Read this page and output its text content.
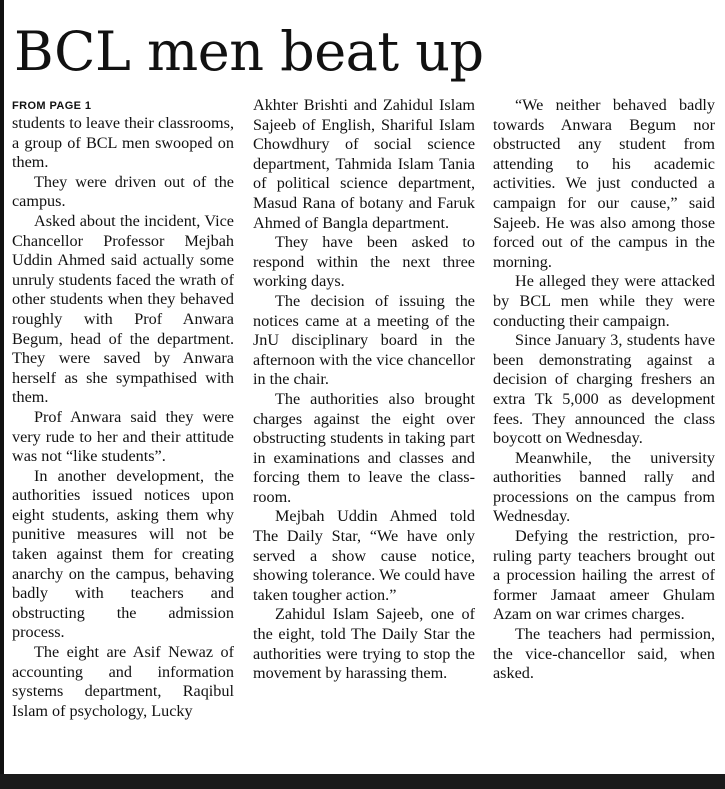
BCL men beat up
FROM PAGE 1

students to leave their classrooms, a group of BCL men swooped on them.

They were driven out of the campus.

Asked about the incident, Vice Chancellor Professor Mejbah Uddin Ahmed said actually some unruly students faced the wrath of other students when they behaved roughly with Prof Anwara Begum, head of the department. They were saved by Anwara herself as she sympathised with them.

Prof Anwara said they were very rude to her and their attitude was not “like students”.

In another development, the authorities issued notices upon eight students, asking them why punitive measures will not be taken against them for creating anarchy on the campus, behaving badly with teachers and obstructing the admission process.

The eight are Asif Newaz of accounting and information systems department, Raqibul Islam of psychology, Lucky

Akhter Brishti and Zahidul Islam Sajeeb of English, Shariful Islam Chowdhury of social science department, Tahmida Islam Tania of political science department, Masud Rana of botany and Faruk Ahmed of Bangla department.

They have been asked to respond within the next three working days.

The decision of issuing the notices came at a meeting of the JnU disciplinary board in the afternoon with the vice chancellor in the chair.

The authorities also brought charges against the eight over obstructing students in taking part in examinations and classes and forcing them to leave the classroom.

Mejbah Uddin Ahmed told The Daily Star, “We have only served a show cause notice, showing tolerance. We could have taken tougher action.”

Zahidul Islam Sajeeb, one of the eight, told The Daily Star the authorities were trying to stop the movement by harassing them.

“We neither behaved badly towards Anwara Begum nor obstructed any student from attending to his academic activities. We just conducted a campaign for our cause,” said Sajeeb. He was also among those forced out of the campus in the morning.

He alleged they were attacked by BCL men while they were conducting their campaign.

Since January 3, students have been demonstrating against a decision of charging freshers an extra Tk 5,000 as development fees. They announced the class boycott on Wednesday.

Meanwhile, the university authorities banned rally and processions on the campus from Wednesday.

Defying the restriction, pro-ruling party teachers brought out a procession hailing the arrest of former Jamaat ameer Ghulam Azam on war crimes charges.

The teachers had permission, the vice-chancellor said, when asked.
